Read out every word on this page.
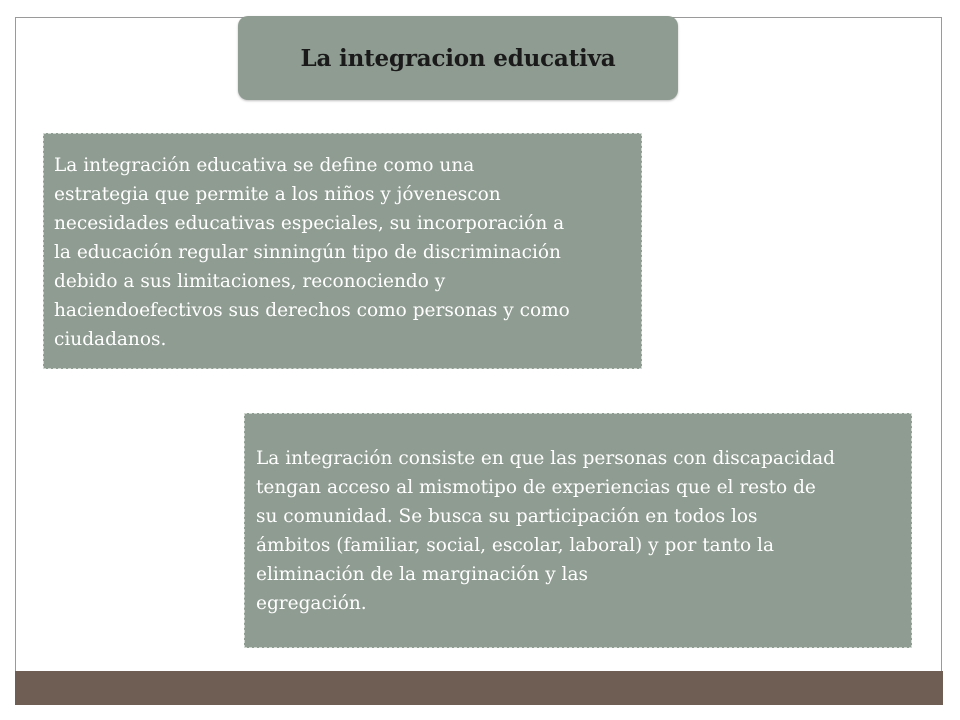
La integracion educativa
La integración educativa se define como una
estrategia que permite a los niños y jóvenescon
necesidades educativas especiales, su incorporación a
la educación regular sinningún tipo de discriminación
debido a sus limitaciones, reconociendo y
haciendoefectivos sus derechos como personas y como
ciudadanos.
La integración consiste en que las personas con discapacidad
tengan acceso al mismotipo de experiencias que el resto de
su comunidad. Se busca su participación en todos los
ámbitos (familiar, social, escolar, laboral) y por tanto la
eliminación de la marginación y las
egregación.
